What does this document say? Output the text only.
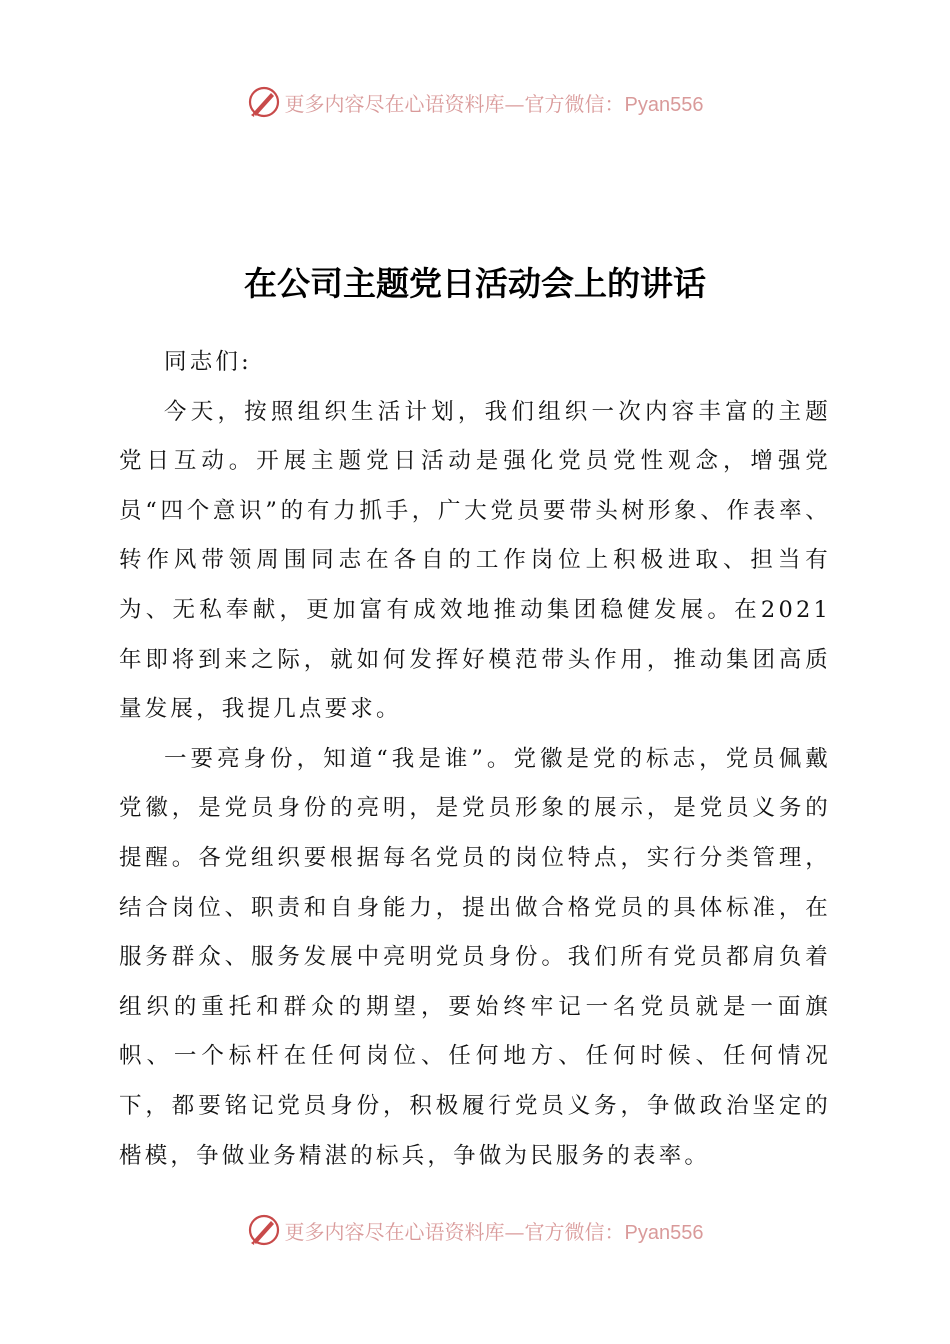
更多内容尽在心语资料库—官方微信：Pyan556
在公司主题党日活动会上的讲话

同志们:

今天，按照组织生活计划，我们组织一次内容丰富的主题党日互动。开展主题党日活动是强化党员党性观念，增强党员“四个意识”的有力抓手，广大党员要带头树形象、作表率、转作风带领周围同志在各自的工作岗位上积极进取、担当有为、无私奉献，更加富有成效地推动集团稳健发展。在2021年即将到来之际，就如何发挥好模范带头作用，推动集团高质量发展，我提几点要求。

一要亮身份，知道“我是谁”。党徽是党的标志，党员佩戴党徽，是党员身份的亮明，是党员形象的展示，是党员义务的提醒。各党组织要根据每名党员的岗位特点，实行分类管理，结合岗位、职责和自身能力，提出做合格党员的具体标准，在服务群众、服务发展中亮明党员身份。我们所有党员都肩负着组织的重托和群众的期望，要始终牢记一名党员就是一面旗帜、一个标杆在任何岗位、任何地方、任何时候、任何情况下，都要铭记党员身份，积极履行党员义务，争做政治坚定的楷模，争做业务精湛的标兵，争做为民服务的表率。

更多内容尽在心语资料库—官方微信：Pyan556
